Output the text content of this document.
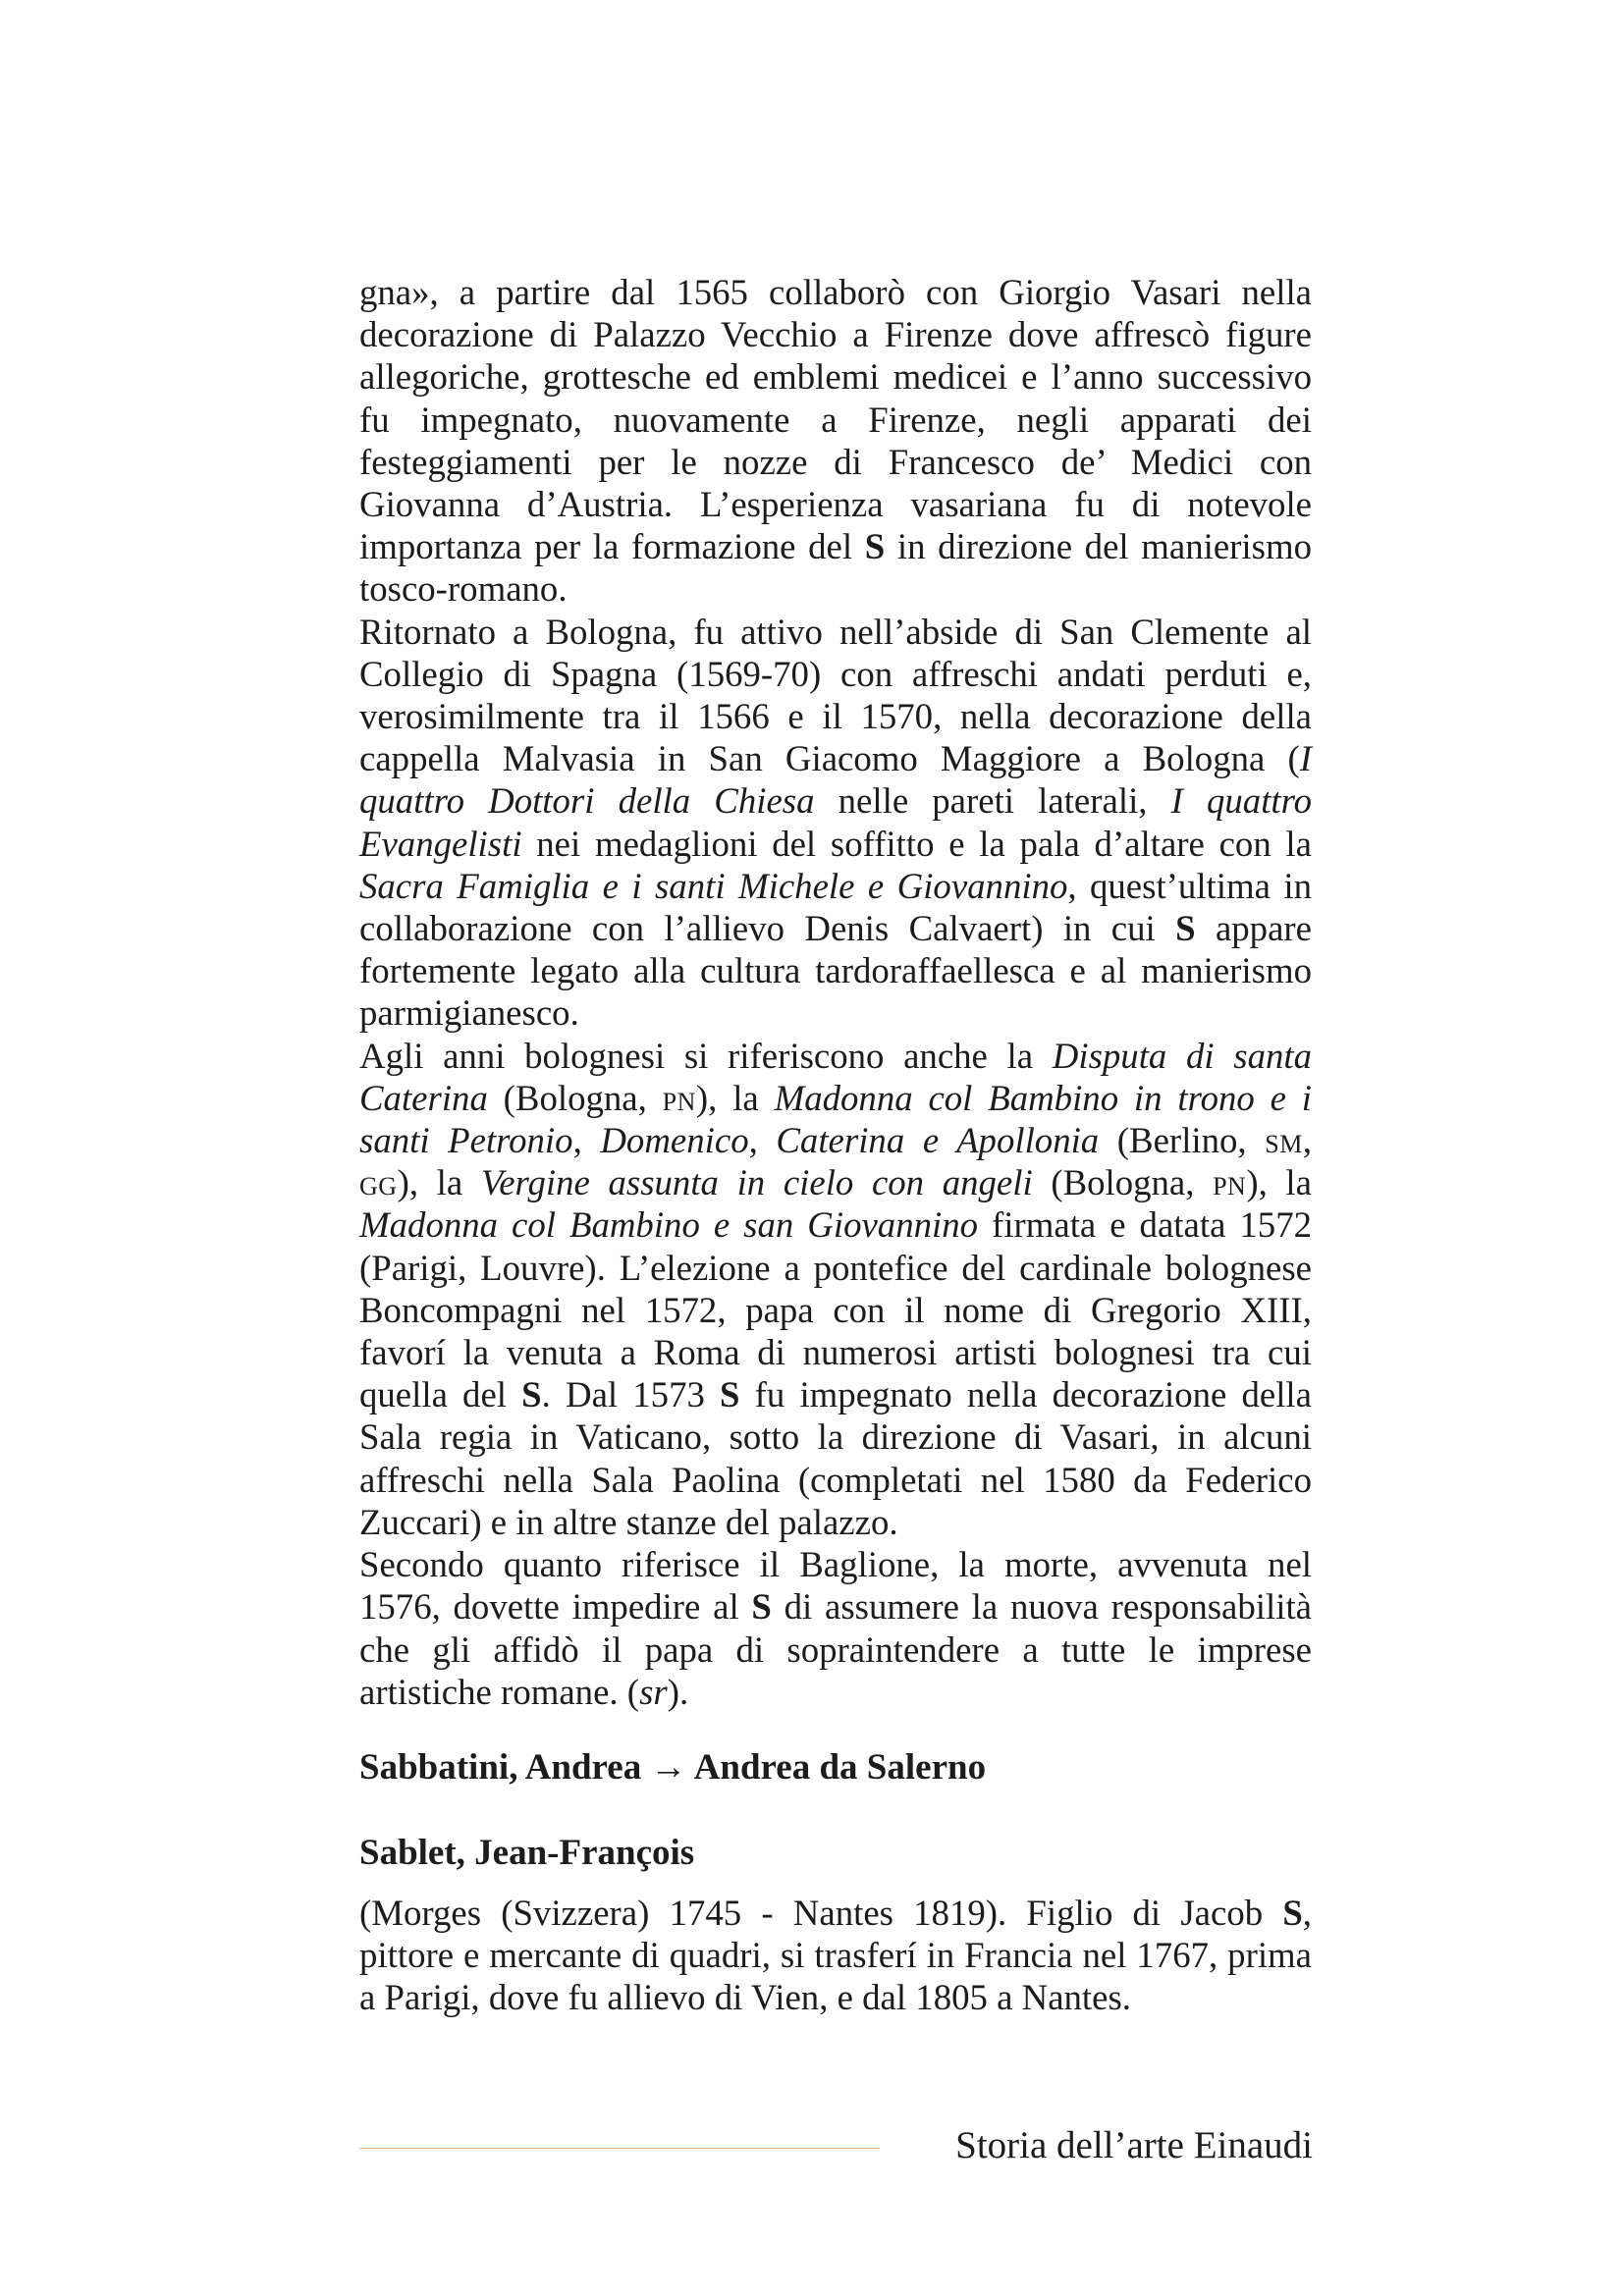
gna», a partire dal 1565 collaborò con Giorgio Vasari nella decorazione di Palazzo Vecchio a Firenze dove affrescò figure allegoriche, grottesche ed emblemi medicei e l’anno successivo fu impegnato, nuovamente a Firenze, negli apparati dei festeggiamenti per le nozze di Francesco de’ Medici con Giovanna d’Austria. L’esperienza vasariana fu di notevole importanza per la formazione del S in direzione del manierismo tosco-romano.

Ritornato a Bologna, fu attivo nell’abside di San Clemente al Collegio di Spagna (1569-70) con affreschi andati perduti e, verosimilmente tra il 1566 e il 1570, nella decorazione della cappella Malvasia in San Giacomo Maggiore a Bologna (I quattro Dottori della Chiesa nelle pareti laterali, I quattro Evangelisti nei medaglioni del soffitto e la pala d’altare con la Sacra Famiglia e i santi Michele e Giovannino, quest’ultima in collaborazione con l’allievo Denis Calvaert) in cui S appare fortemente legato alla cultura tardoraffaellesca e al manierismo parmigianesco.

Agli anni bolognesi si riferiscono anche la Disputa di santa Caterina (Bologna, pn), la Madonna col Bambino in trono e i santi Petronio, Domenico, Caterina e Apollonia (Berlino, sm, gg), la Vergine assunta in cielo con angeli (Bologna, pn), la Madonna col Bambino e san Giovannino firmata e datata 1572 (Parigi, Louvre). L’elezione a pontefice del cardinale bolognese Boncompagni nel 1572, papa con il nome di Gregorio XIII, favorí la venuta a Roma di numerosi artisti bolognesi tra cui quella del S. Dal 1573 S fu impegnato nella decorazione della Sala regia in Vaticano, sotto la direzione di Vasari, in alcuni affreschi nella Sala Paolina (completati nel 1580 da Federico Zuccari) e in altre stanze del palazzo.

Secondo quanto riferisce il Baglione, la morte, avvenuta nel 1576, dovette impedire al S di assumere la nuova responsabilità che gli affidò il papa di sopraintendere a tutte le imprese artistiche romane. (sr).

Sabbatini, Andrea → Andrea da Salerno

Sablet, Jean-François

(Morges (Svizzera) 1745 - Nantes 1819). Figlio di Jacob S, pittore e mercante di quadri, si trasferí in Francia nel 1767, prima a Parigi, dove fu allievo di Vien, e dal 1805 a Nantes.

Storia dell’arte Einaudi
